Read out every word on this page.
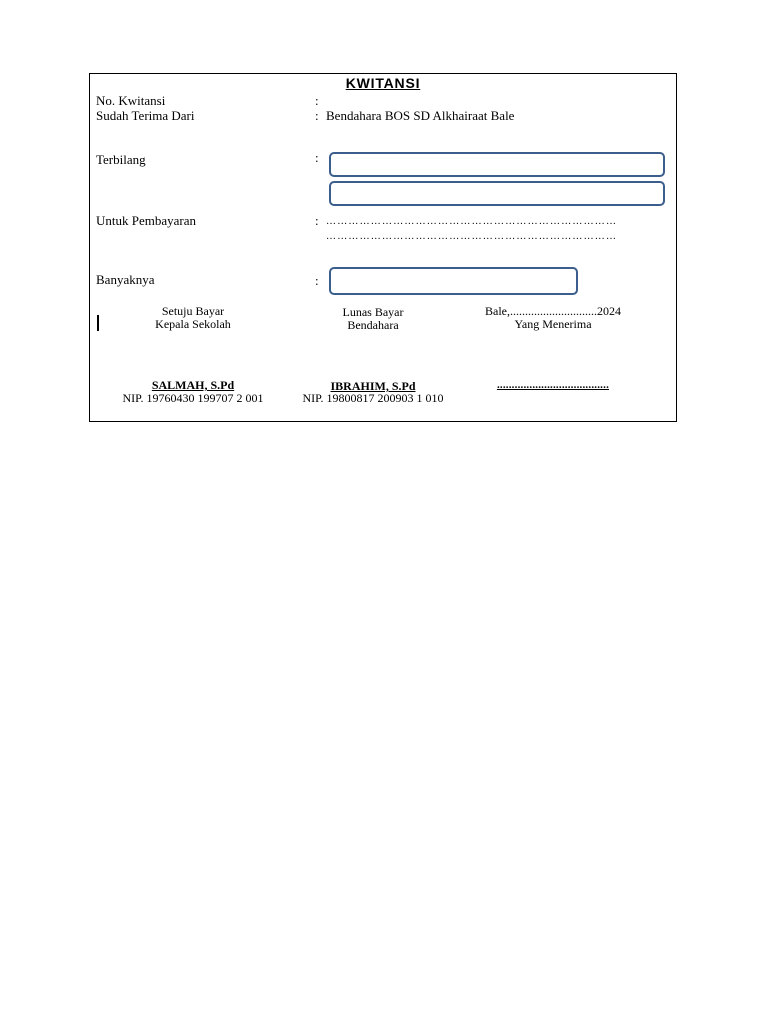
KWITANSI
No. Kwitansi	:
Sudah Terima Dari	: Bendahara BOS SD Alkhairaat Bale
Terbilang	:
Untuk Pembayaran	: ……………………………………………………………………
……………………………………………………………………
Banyaknya	:
Setuju Bayar
Kepala Sekolah
SALMAH, S.Pd
NIP. 19760430 199707 2 001
Lunas Bayar
Bendahara
IBRAHIM, S.Pd
NIP. 19800817 200903 1 010
Bale,.............................2024
Yang Menerima
......................................
